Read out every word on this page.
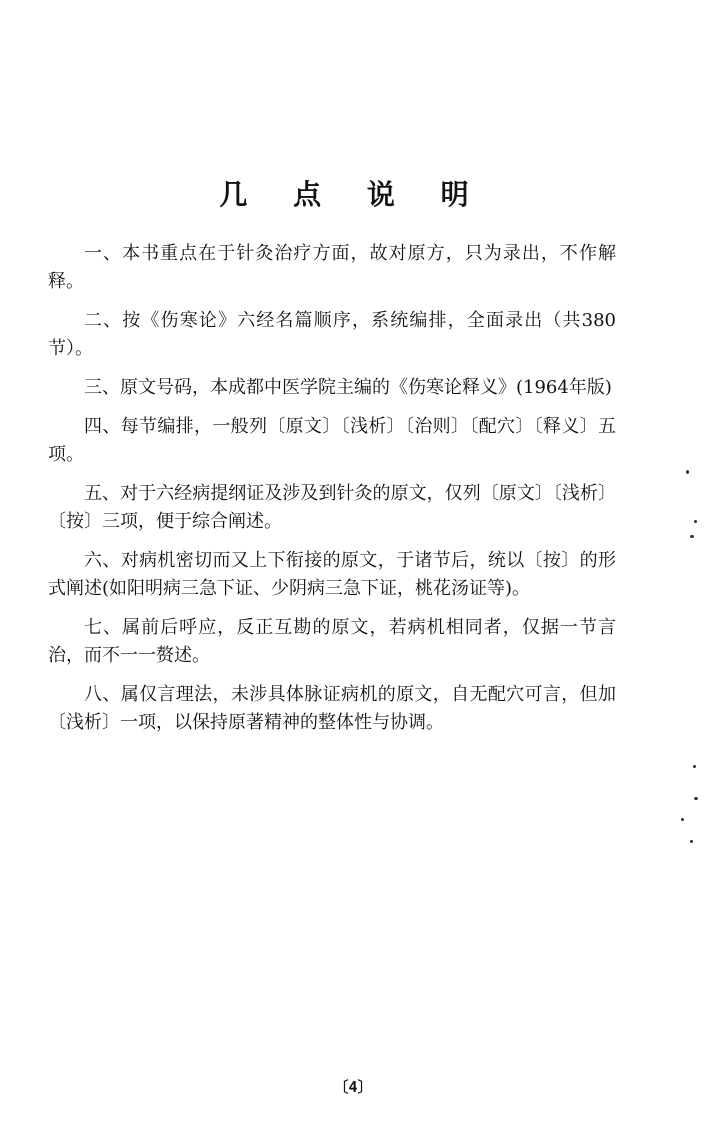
几 点 说 明

一、本书重点在于针灸治疗方面，故对原方，只为录出，不作解释。

二、按《伤寒论》六经名篇顺序，系统编排，全面录出（共380节）。

三、原文号码，本成都中医学院主编的《伤寒论释义》(1964年版)

四、每节编排，一般列〔原文〕〔浅析〕〔治则〕〔配穴〕〔释义〕五项。

五、对于六经病提纲证及涉及到针灸的原文，仅列〔原文〕〔浅析〕〔按〕三项，便于综合阐述。

六、对病机密切而又上下衔接的原文，于诸节后，统以〔按〕的形式阐述(如阳明病三急下证、少阴病三急下证，桃花汤证等)。

七、属前后呼应，反正互勘的原文，若病机相同者，仅据一节言治，而不一一赘述。

八、属仅言理法，未涉具体脉证病机的原文，自无配穴可言，但加〔浅析〕一项，以保持原著精神的整体性与协调。

〔4〕
